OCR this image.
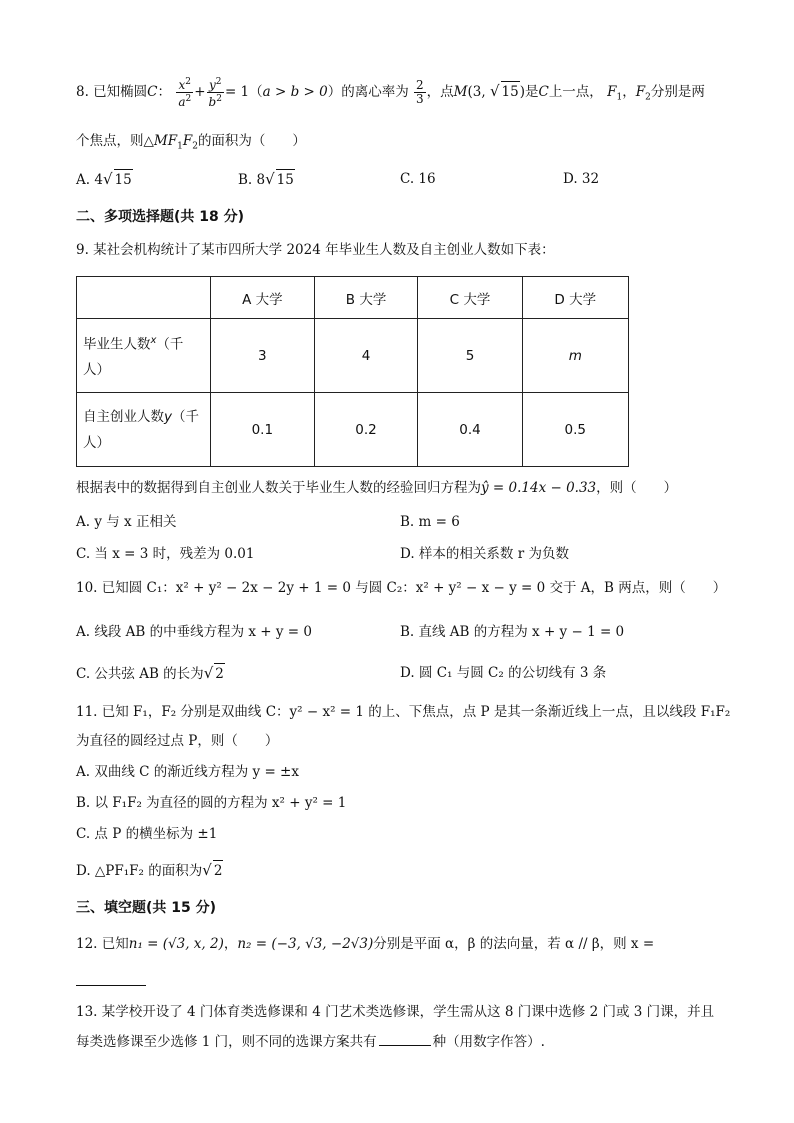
8. 已知椭圆C： $\frac{x^2}{a^2} + \frac{y^2}{b^2} = 1(a > b > 0)$的离心率为 $\frac{2}{3}$ ，点M(3, √ 15)是C上一点， $F_1$，$F_2$分别是两
个焦点，则$\triangle MF_1F_2$的面积为（　　）
A. 4√ 15	B. 8√ 15	C. 16	D. 32
二、多项选择题(共 18 分)
9. 某社会机构统计了某市四所大学 2024 年毕业生人数及自主创业人数如下表：
	A 大学	B 大学	C 大学	D 大学
毕业生人数$^x$（千
人）	3	4	5	m
自主创业人数y（千
人）	0.1	0.2	0.4	0.5
根据表中的数据得到自主创业人数关于毕业生人数的经验回归方程为ŷ = 0.14x − 0.33，则（　　）
A. y 与 x 正相关	B. m = 6
C. 当 x = 3 时，残差为 0.01	D. 样本的相关系数 r 为负数
10. 已知圆 C₁：x² + y² − 2x − 2y + 1 = 0 与圆 C₂：x² + y² − x − y = 0 交于 A，B 两点，则（　　）
A. 线段 AB 的中垂线方程为 x + y = 0	B. 直线 AB 的方程为 x + y − 1 = 0
C. 公共弦 AB 的长为√ 2	D. 圆 C₁ 与圆 C₂ 的公切线有 3 条
11. 已知 F₁，F₂ 分别是双曲线 C：y² − x² = 1 的上、下焦点，点 P 是其一条渐近线上一点，且以线段 F₁F₂
为直径的圆经过点 P，则（　　）
A. 双曲线 C 的渐近线方程为 y = ±x
B. 以 F₁F₂ 为直径的圆的方程为 x² + y² = 1
C. 点 P 的横坐标为 ±1
D. △PF₁F₂ 的面积为√ 2
三、填空题(共 15 分)
12. 已知n₁ = (√3, x, 2)，n₂ = (−3, √3, −2√3)分别是平面 α，β 的法向量，若 α // β，则 x =
13. 某学校开设了 4 门体育类选修课和 4 门艺术类选修课，学生需从这 8 门课中选修 2 门或 3 门课，并且
每类选修课至少选修 1 门，则不同的选课方案共有	种（用数字作答）.
